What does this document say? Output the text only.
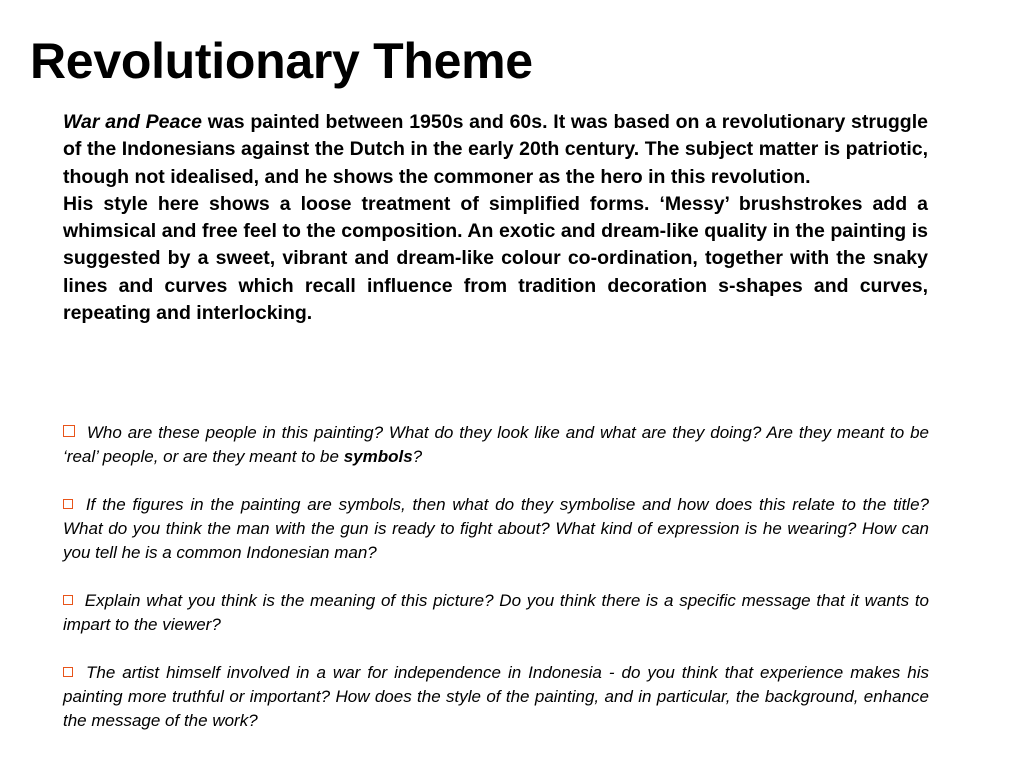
Revolutionary Theme

War and Peace was painted between 1950s and 60s. It was based on a revolutionary struggle of the Indonesians against the Dutch in the early 20th century. The subject matter is patriotic, though not idealised, and he shows the commoner as the hero in this revolution.

His style here shows a loose treatment of simplified forms. ‘Messy’ brushstrokes add a whimsical and free feel to the composition. An exotic and dream-like quality in the painting is suggested by a sweet, vibrant and dream-like colour co-ordination, together with the snaky lines and curves which recall influence from tradition decoration s-shapes and curves, repeating and interlocking.

Who are these people in this painting? What do they look like and what are they doing? Are they meant to be ‘real’ people, or are they meant to be symbols?

If the figures in the painting are symbols, then what do they symbolise and how does this relate to the title? What do you think the man with the gun is ready to fight about? What kind of expression is he wearing? How can you tell he is a common Indonesian man?

Explain what you think is the meaning of this picture? Do you think there is a specific message that it wants to impart to the viewer?

The artist himself involved in a war for independence in Indonesia - do you think that experience makes his painting more truthful or important? How does the style of the painting, and in particular, the background, enhance the message of the work?
